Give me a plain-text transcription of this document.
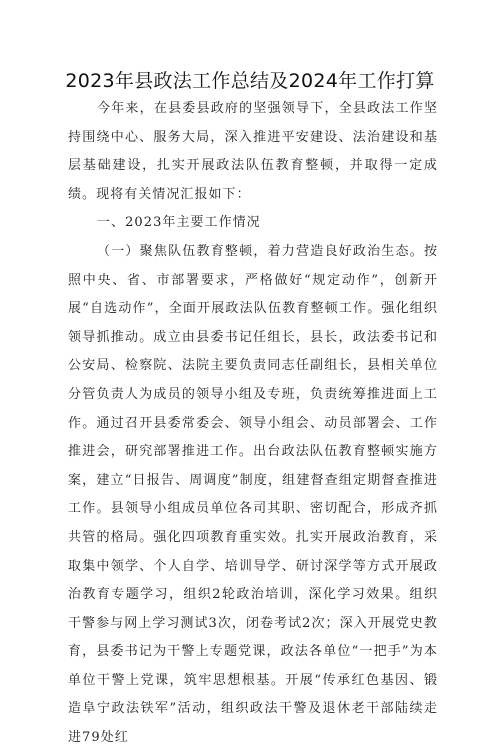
2023年县政法工作总结及2024年工作打算

今年来，在县委县政府的坚强领导下，全县政法工作坚持围绕中心、服务大局，深入推进平安建设、法治建设和基层基础建设，扎实开展政法队伍教育整顿，并取得一定成绩。现将有关情况汇报如下：

一、2023年主要工作情况

（一）聚焦队伍教育整顿，着力营造良好政治生态。按照中央、省、市部署要求，严格做好“规定动作”，创新开展“自选动作”，全面开展政法队伍教育整顿工作。强化组织领导抓推动。成立由县委书记任组长，县长，政法委书记和公安局、检察院、法院主要负责同志任副组长，县相关单位分管负责人为成员的领导小组及专班，负责统筹推进面上工作。通过召开县委常委会、领导小组会、动员部署会、工作推进会，研究部署推进工作。出台政法队伍教育整顿实施方案，建立“日报告、周调度”制度，组建督查组定期督查推进工作。县领导小组成员单位各司其职、密切配合，形成齐抓共管的格局。强化四项教育重实效。扎实开展政治教育，采取集中领学、个人自学、培训导学、研讨深学等方式开展政治教育专题学习，组织2轮政治培训，深化学习效果。组织干警参与网上学习测试3次，闭卷考试2次；深入开展党史教育，县委书记为干警上专题党课，政法各单位“一把手”为本单位干警上党课，筑牢思想根基。开展“传承红色基因、锻造阜宁政法铁军”活动，组织政法干警及退休老干部陆续走进79处红
